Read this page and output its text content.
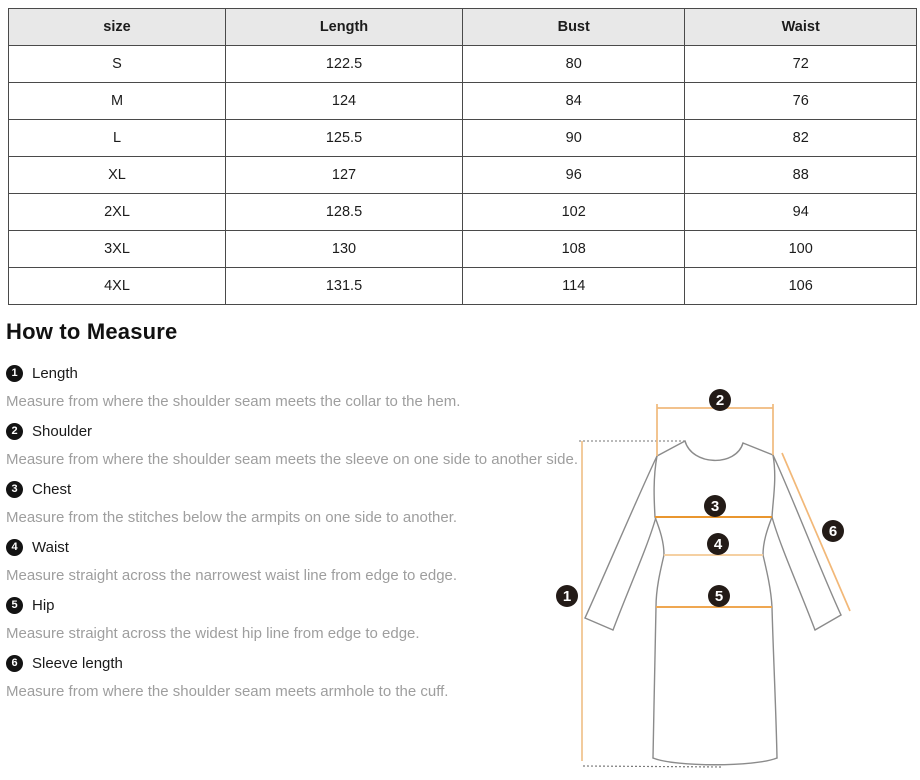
size	Length	Bust	Waist
S	122.5	80	72
M	124	84	76
L	125.5	90	82
XL	127	96	88
2XL	128.5	102	94
3XL	130	108	100
4XL	131.5	114	106
How to Measure
1 Length

Measure from where the shoulder seam meets the collar to the hem.

2 Shoulder

Measure from where the shoulder seam meets the sleeve on one side to another side.

3 Chest

Measure from the stitches below the armpits on one side to another.

4 Waist

Measure straight across the narrowest waist line from edge to edge.

5 Hip

Measure straight across the widest hip line from edge to edge.

6 Sleeve length

Measure from where the shoulder seam meets armhole to the cuff.

1
2
3
4
5
6
